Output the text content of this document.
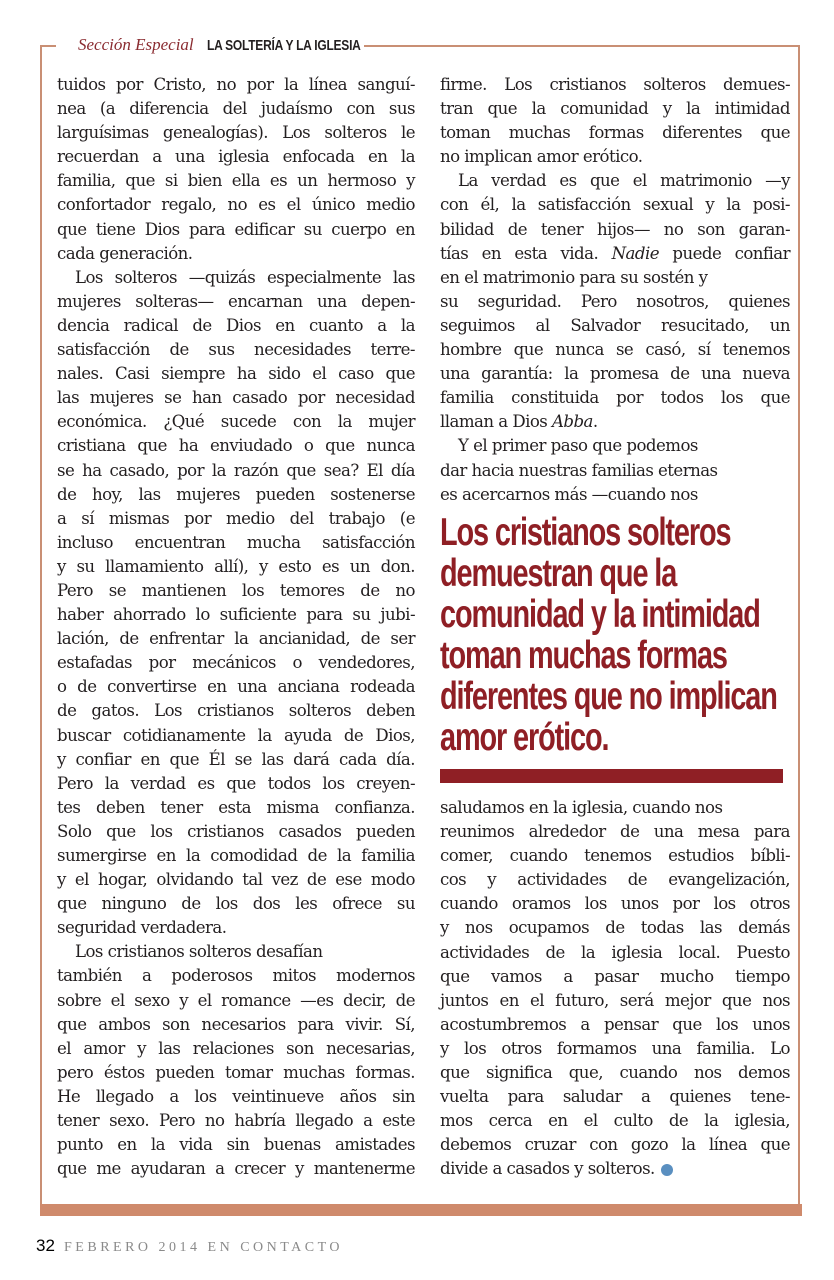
Sección Especial LA SOLTERÍA Y LA IGLESIA
tuidos por Cristo, no por la línea sanguí-
nea (a diferencia del judaísmo con sus
larguísimas genealogías). Los solteros le
recuerdan a una iglesia enfocada en la
familia, que si bien ella es un hermoso y
confortador regalo, no es el único medio
que tiene Dios para edificar su cuerpo en
cada generación.
Los solteros —quizás especialmente las
mujeres solteras— encarnan una depen-
dencia radical de Dios en cuanto a la
satisfacción de sus necesidades terre-
nales. Casi siempre ha sido el caso que
las mujeres se han casado por necesidad
económica. ¿Qué sucede con la mujer
cristiana que ha enviudado o que nunca
se ha casado, por la razón que sea? El día
de hoy, las mujeres pueden sostenerse
a sí mismas por medio del trabajo (e
incluso encuentran mucha satisfacción
y su llamamiento allí), y esto es un don.
Pero se mantienen los temores de no
haber ahorrado lo suficiente para su jubi-
lación, de enfrentar la ancianidad, de ser
estafadas por mecánicos o vendedores,
o de convertirse en una anciana rodeada
de gatos. Los cristianos solteros deben
buscar cotidianamente la ayuda de Dios,
y confiar en que Él se las dará cada día.
Pero la verdad es que todos los creyen-
tes deben tener esta misma confianza.
Solo que los cristianos casados pueden
sumergirse en la comodidad de la familia
y el hogar, olvidando tal vez de ese modo
que ninguno de los dos les ofrece su
seguridad verdadera.
Los cristianos solteros desafían
también a poderosos mitos modernos
sobre el sexo y el romance —es decir, de
que ambos son necesarios para vivir. Sí,
el amor y las relaciones son necesarias,
pero éstos pueden tomar muchas formas.
He llegado a los veintinueve años sin
tener sexo. Pero no habría llegado a este
punto en la vida sin buenas amistades
que me ayudaran a crecer y mantenerme
firme. Los cristianos solteros demues-
tran que la comunidad y la intimidad
toman muchas formas diferentes que
no implican amor erótico.
La verdad es que el matrimonio —y
con él, la satisfacción sexual y la posi-
bilidad de tener hijos— no son garan-
tías en esta vida. Nadie puede confiar
en el matrimonio para su sostén y
su seguridad. Pero nosotros, quienes
seguimos al Salvador resucitado, un
hombre que nunca se casó, sí tenemos
una garantía: la promesa de una nueva
familia constituida por todos los que
llaman a Dios Abba.
Y el primer paso que podemos
dar hacia nuestras familias eternas
es acercarnos más —cuando nos
Los cristianos solteros
demuestran que la
comunidad y la intimidad
toman muchas formas
diferentes que no implican
amor erótico.
saludamos en la iglesia, cuando nos
reunimos alrededor de una mesa para
comer, cuando tenemos estudios bíbli-
cos y actividades de evangelización,
cuando oramos los unos por los otros
y nos ocupamos de todas las demás
actividades de la iglesia local. Puesto
que vamos a pasar mucho tiempo
juntos en el futuro, será mejor que nos
acostumbremos a pensar que los unos
y los otros formamos una familia. Lo
que significa que, cuando nos demos
vuelta para saludar a quienes tene-
mos cerca en el culto de la iglesia,
debemos cruzar con gozo la línea que
divide a casados y solteros.
32 FEBRERO 2014 EN CONTACTO
